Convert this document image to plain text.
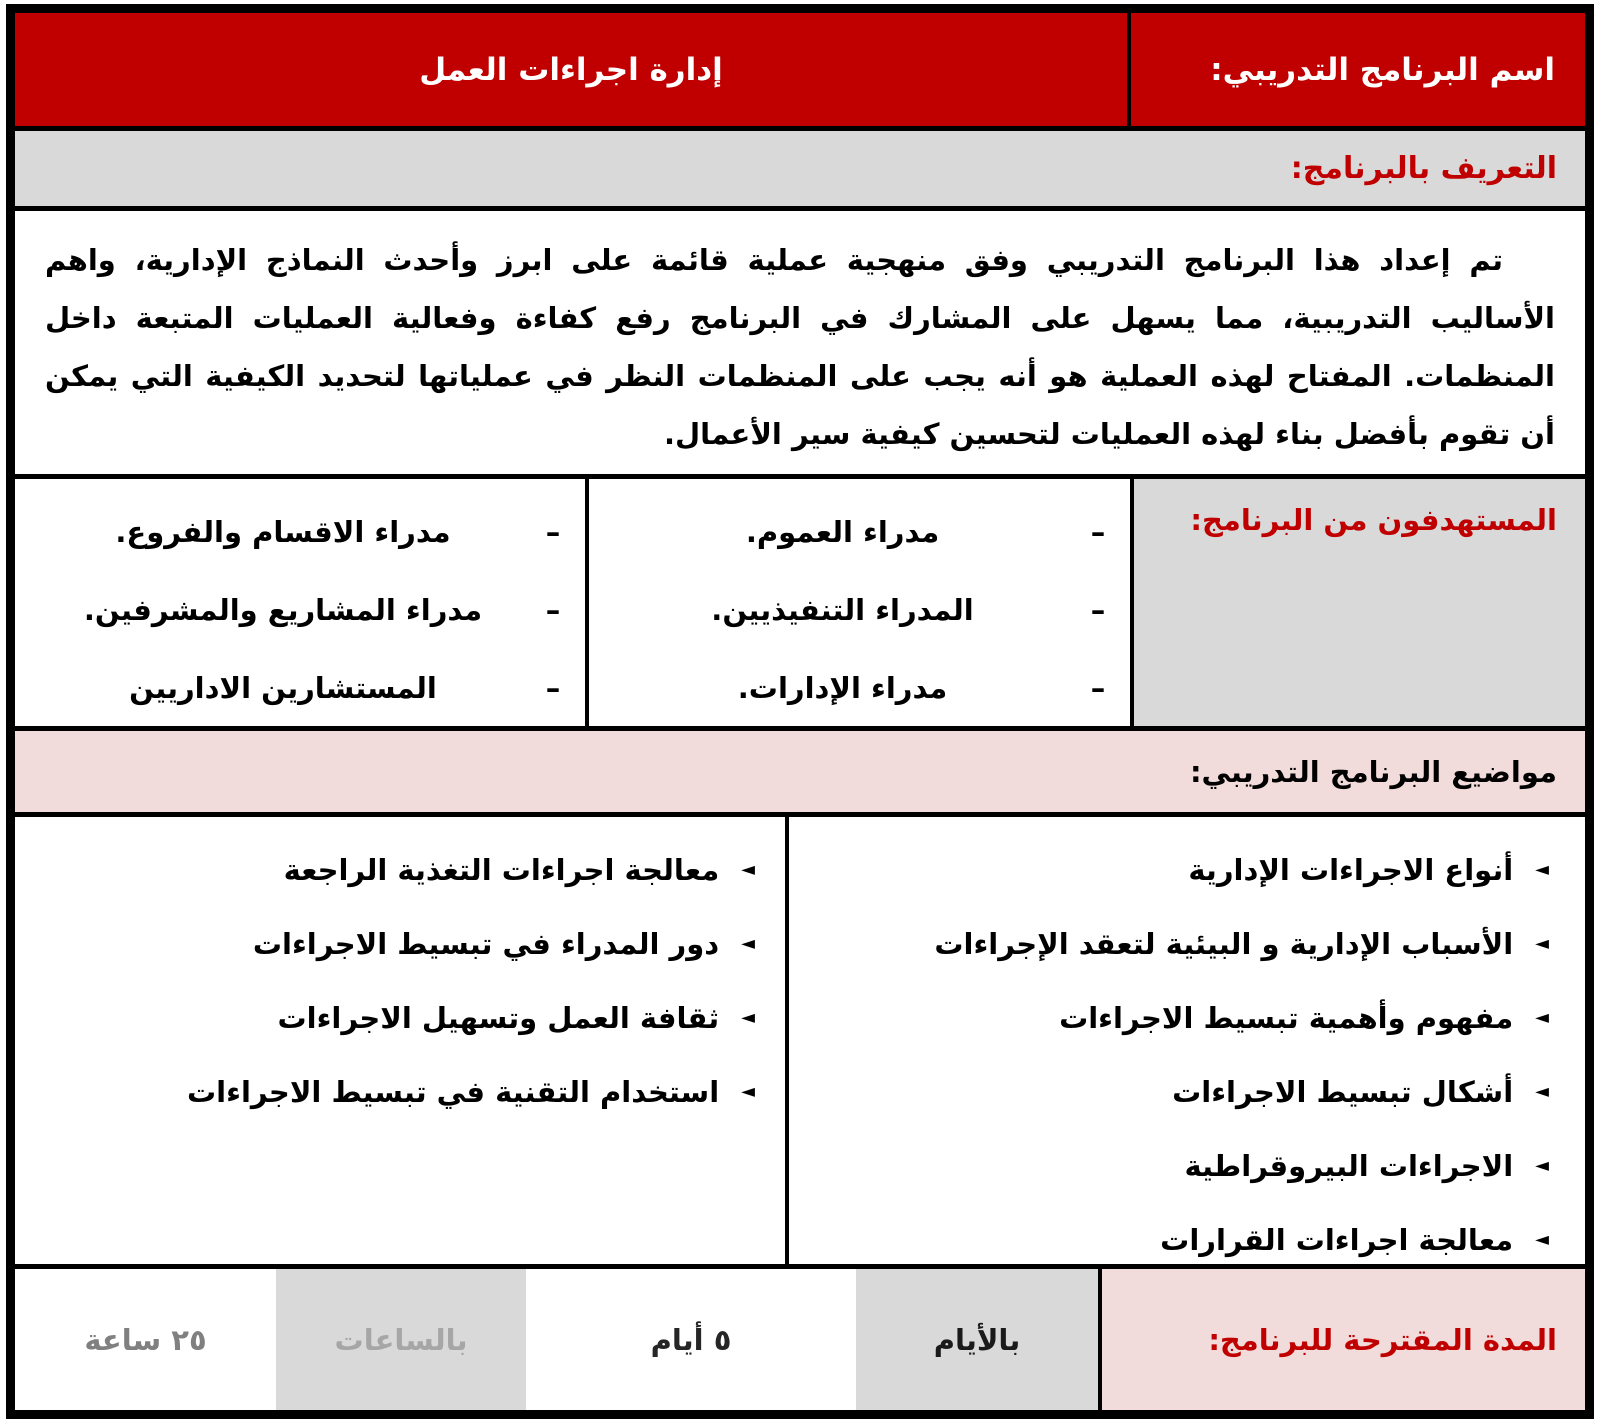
اسم البرنامج التدريبي:
إدارة اجراءات العمل
التعريف بالبرنامج:
تم إعداد هذا البرنامج التدريبي وفق منهجية عملية قائمة على ابرز وأحدث النماذج الإدارية، واهم الأساليب التدريبية، مما يسهل على المشارك في البرنامج رفع كفاءة وفعالية العمليات المتبعة داخل المنظمات. المفتاح لهذه العملية هو أنه يجب على المنظمات النظر في عملياتها لتحديد الكيفية التي يمكن أن تقوم بأفضل بناء لهذه العمليات لتحسين كيفية سير الأعمال.
المستهدفون من البرنامج:
–
مدراء العموم.
–
المدراء التنفيذيين.
–
مدراء الإدارات.
–
مدراء الاقسام والفروع.
–
مدراء المشاريع والمشرفين.
–
المستشارين الاداريين
مواضيع البرنامج التدريبي:
◄
أنواع الاجراءات الإدارية
◄
الأسباب الإدارية و البيئية لتعقد الإجراءات
◄
مفهوم وأهمية تبسيط الاجراءات
◄
أشكال تبسيط الاجراءات
◄
الاجراءات البيروقراطية
◄
معالجة اجراءات القرارات
◄
معالجة اجراءات التغذية الراجعة
◄
دور المدراء في تبسيط الاجراءات
◄
ثقافة العمل وتسهيل الاجراءات
◄
استخدام التقنية في تبسيط الاجراءات
المدة المقترحة للبرنامج:
بالأيام
٥ أيام
بالساعات
٢٥ ساعة
